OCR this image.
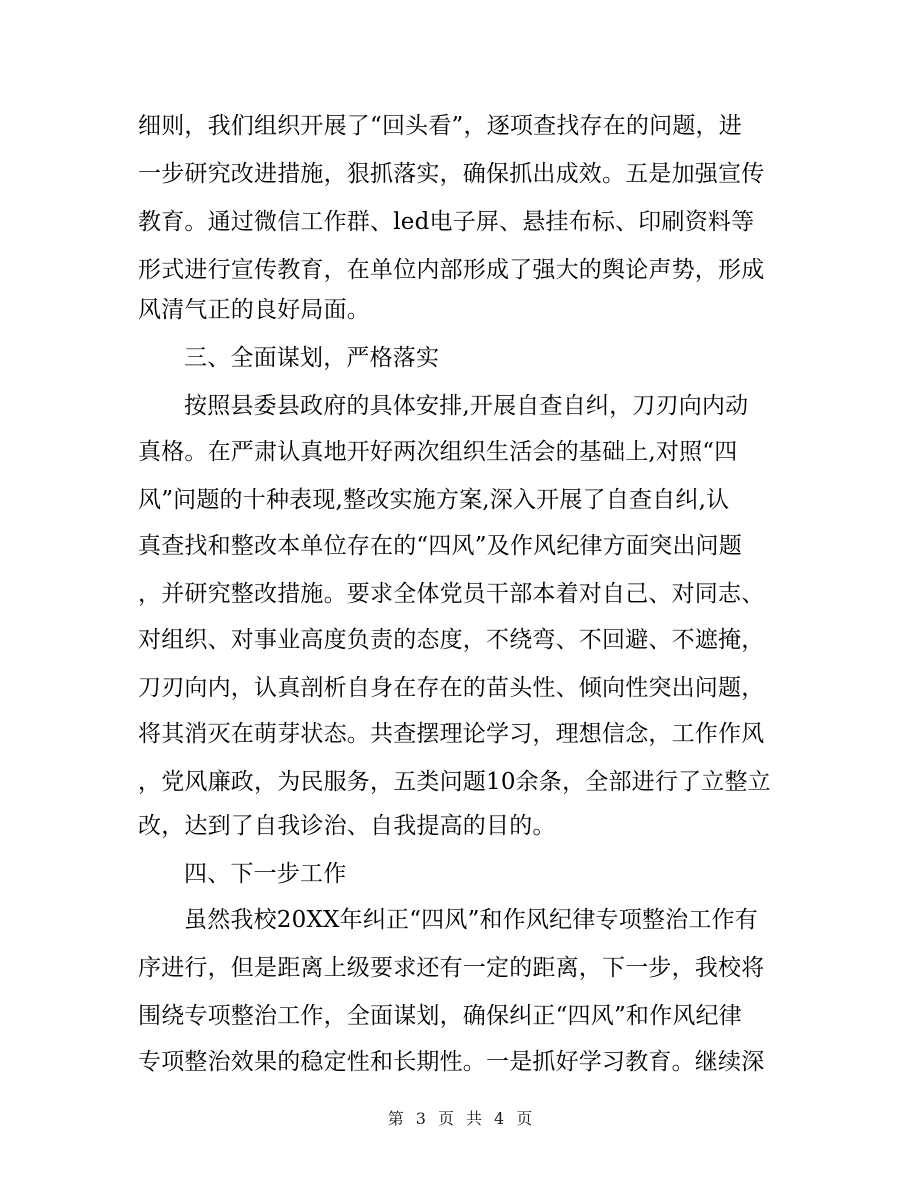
细则，我们组织开展了“回头看”，逐项查找存在的问题，进
一步研究改进措施，狠抓落实，确保抓出成效。五是加强宣传
教育。通过微信工作群、led电子屏、悬挂布标、印刷资料等
形式进行宣传教育，在单位内部形成了强大的舆论声势，形成
风清气正的良好局面。
三、全面谋划，严格落实
按照县委县政府的具体安排,开展自查自纠，刀刃向内动
真格。在严肃认真地开好两次组织生活会的基础上,对照“四
风”问题的十种表现,整改实施方案,深入开展了自查自纠,认
真查找和整改本单位存在的“四风”及作风纪律方面突出问题
，并研究整改措施。要求全体党员干部本着对自己、对同志、
对组织、对事业高度负责的态度，不绕弯、不回避、不遮掩，
刀刃向内，认真剖析自身在存在的苗头性、倾向性突出问题，
将其消灭在萌芽状态。共查摆理论学习，理想信念，工作作风
，党风廉政，为民服务，五类问题10余条，全部进行了立整立
改，达到了自我诊治、自我提高的目的。
四、下一步工作
虽然我校20XX年纠正“四风”和作风纪律专项整治工作有
序进行，但是距离上级要求还有一定的距离，下一步，我校将
围绕专项整治工作，全面谋划，确保纠正“四风”和作风纪律
专项整治效果的稳定性和长期性。一是抓好学习教育。继续深
第 3 页 共 4 页
